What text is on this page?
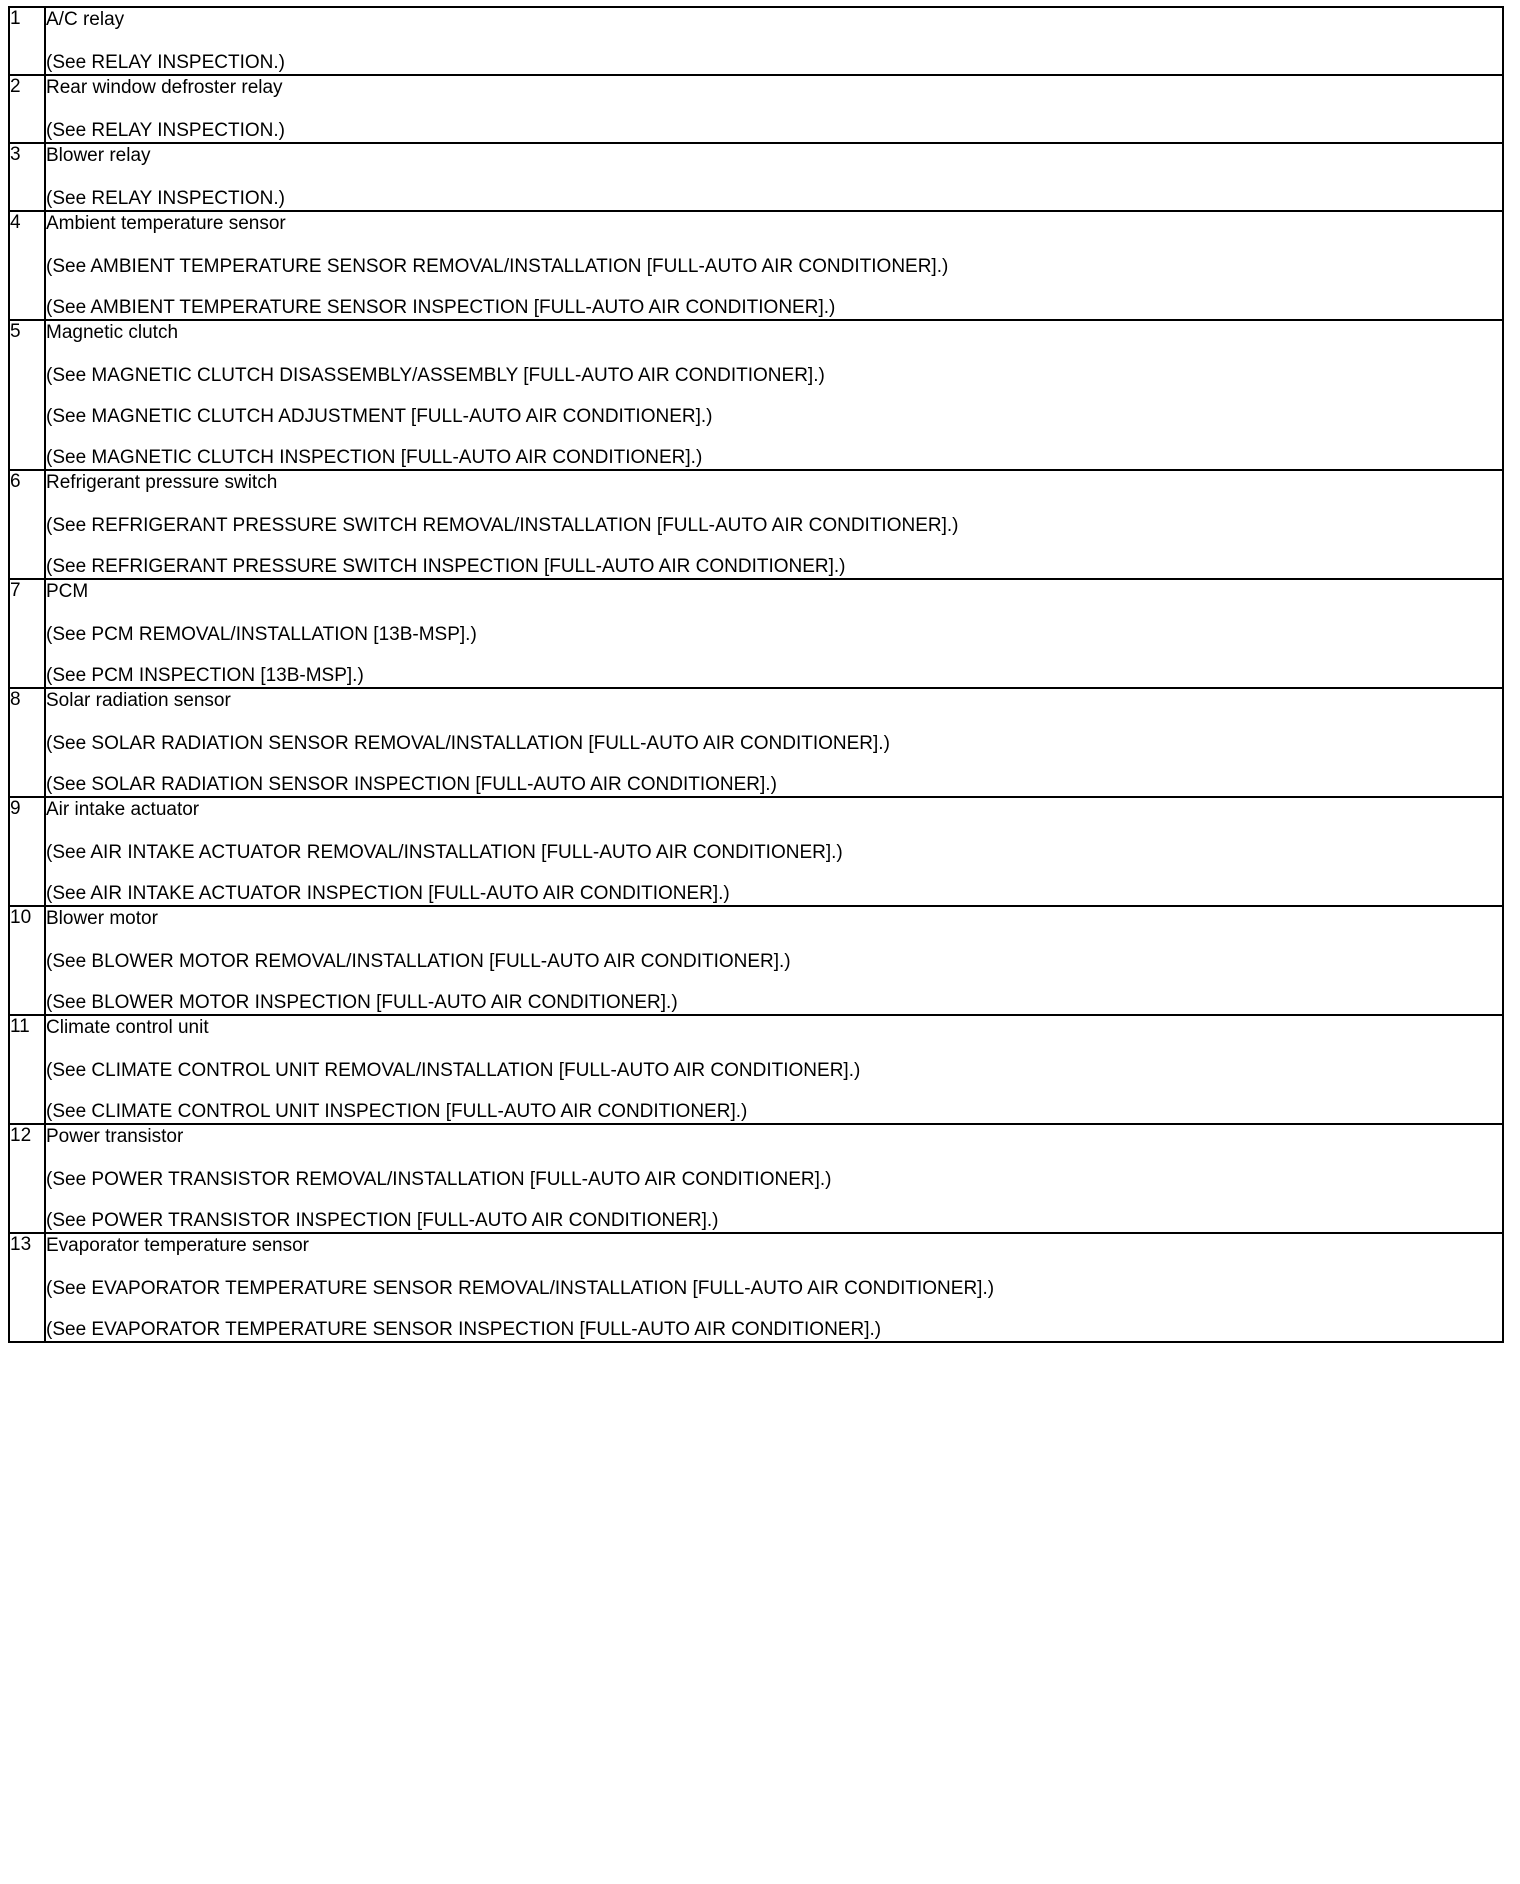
1	A/C relay
(See RELAY INSPECTION.)

2	Rear window defroster relay
(See RELAY INSPECTION.)

3	Blower relay
(See RELAY INSPECTION.)

4	Ambient temperature sensor
(See AMBIENT TEMPERATURE SENSOR REMOVAL/INSTALLATION [FULL-AUTO AIR CONDITIONER].)
(See AMBIENT TEMPERATURE SENSOR INSPECTION [FULL-AUTO AIR CONDITIONER].)

5	Magnetic clutch
(See MAGNETIC CLUTCH DISASSEMBLY/ASSEMBLY [FULL-AUTO AIR CONDITIONER].)
(See MAGNETIC CLUTCH ADJUSTMENT [FULL-AUTO AIR CONDITIONER].)
(See MAGNETIC CLUTCH INSPECTION [FULL-AUTO AIR CONDITIONER].)

6	Refrigerant pressure switch
(See REFRIGERANT PRESSURE SWITCH REMOVAL/INSTALLATION [FULL-AUTO AIR CONDITIONER].)
(See REFRIGERANT PRESSURE SWITCH INSPECTION [FULL-AUTO AIR CONDITIONER].)

7	PCM
(See PCM REMOVAL/INSTALLATION [13B-MSP].)
(See PCM INSPECTION [13B-MSP].)

8	Solar radiation sensor
(See SOLAR RADIATION SENSOR REMOVAL/INSTALLATION [FULL-AUTO AIR CONDITIONER].)
(See SOLAR RADIATION SENSOR INSPECTION [FULL-AUTO AIR CONDITIONER].)

9	Air intake actuator
(See AIR INTAKE ACTUATOR REMOVAL/INSTALLATION [FULL-AUTO AIR CONDITIONER].)
(See AIR INTAKE ACTUATOR INSPECTION [FULL-AUTO AIR CONDITIONER].)

10	Blower motor
(See BLOWER MOTOR REMOVAL/INSTALLATION [FULL-AUTO AIR CONDITIONER].)
(See BLOWER MOTOR INSPECTION [FULL-AUTO AIR CONDITIONER].)

11	Climate control unit
(See CLIMATE CONTROL UNIT REMOVAL/INSTALLATION [FULL-AUTO AIR CONDITIONER].)
(See CLIMATE CONTROL UNIT INSPECTION [FULL-AUTO AIR CONDITIONER].)

12	Power transistor
(See POWER TRANSISTOR REMOVAL/INSTALLATION [FULL-AUTO AIR CONDITIONER].)
(See POWER TRANSISTOR INSPECTION [FULL-AUTO AIR CONDITIONER].)

13	Evaporator temperature sensor
(See EVAPORATOR TEMPERATURE SENSOR REMOVAL/INSTALLATION [FULL-AUTO AIR CONDITIONER].)
(See EVAPORATOR TEMPERATURE SENSOR INSPECTION [FULL-AUTO AIR CONDITIONER].)
